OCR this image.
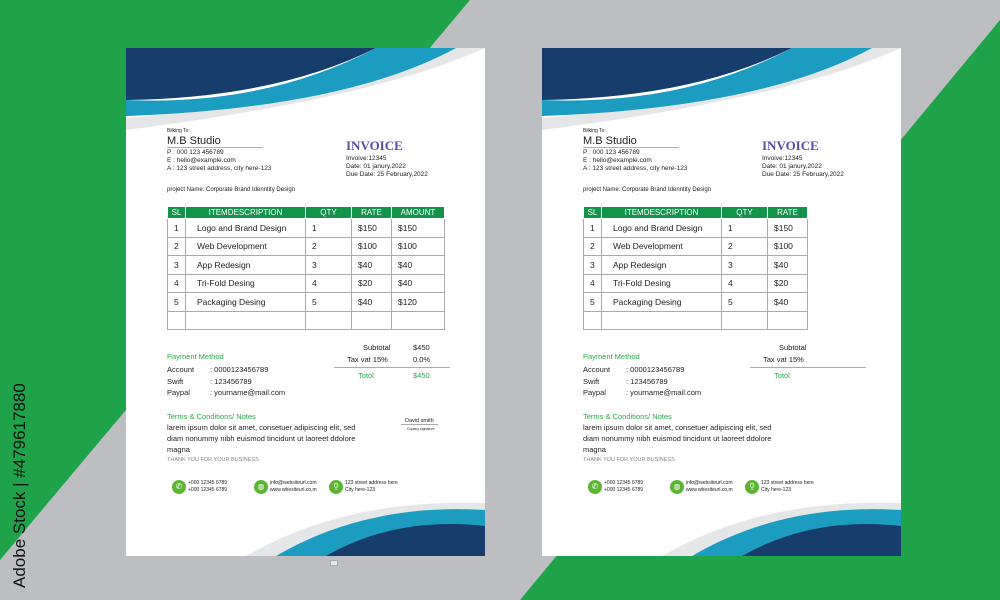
Adobe Stock | #479617880
Bilking To:
M.B Studio
P : 000 123 456789
E : hello@example.com
A : 123 street address, city here-123
INVOICE
Invoive:12345
Date: 01 janury,2022
Due Date: 25 February,2022
project Name: Corporate Brand Idenntity Design
SL	ITEMDESCRIPTION	QTY	RATE	AMOUNT
1	Logo and Brand Design	1	$150	$150
2	Web Development	2	$100	$100
3	App Redesign	3	$40	$40
4	Tri-Fold Desing	4	$20	$40
5	Packaging Desing	5	$40	$120

Subtotal	$450
Tax vat 15%	0.0%
Totol	$450
Payment Method
Account : 0000123456789
Swift	: 123456789
Paypal	: yourname@mail.com
Terms & Conditions/ Notes
larem ipsum dolor sit amet, consetuer adipiscing elit, sed diam nonummy nibh euismod tincidunt ut laoreet ddolore magna
THANK YOU FOR YOUR BUSINESS
David smith
Copany signature
✆	+000 12345 6789
+000 12345 6789	◍	info@websiteurl.com
www.wbesiteurl.co,m	⚲	123 street address here
City here-123
Bilking To:
M.B Studio
P : 000 123 456789
E : hello@example.com
A : 123 street address, city here-123
INVOICE
Invoive:12345
Date: 01 janury,2022
Due Date: 25 February,2022
project Name: Corporate Brand Idenntity Design
SL	ITEMDESCRIPTION	QTY	RATE
1	Logo and Brand Design	1	$150
2	Web Development	2	$100
3	App Redesign	3	$40
4	Tri-Fold Desing	4	$20
5	Packaging Desing	5	$40

Subtotal
Tax vat 15%
Totol
Payment Method
Account : 0000123456789
Swift	: 123456789
Paypal	: yourname@mail.com
Terms & Conditions/ Notes
larem ipsum dolor sit amet, consetuer adipiscing elit, sed diam nonummy nibh euismod tincidunt ut laoreet ddolore magna
THANK YOU FOR YOUR BUSINESS
✆	+000 12345 6789
+000 12345 6789	◍	info@websiteurl.com
www.wbesiteurl.co,m	⚲	123 street address here
City here-123
